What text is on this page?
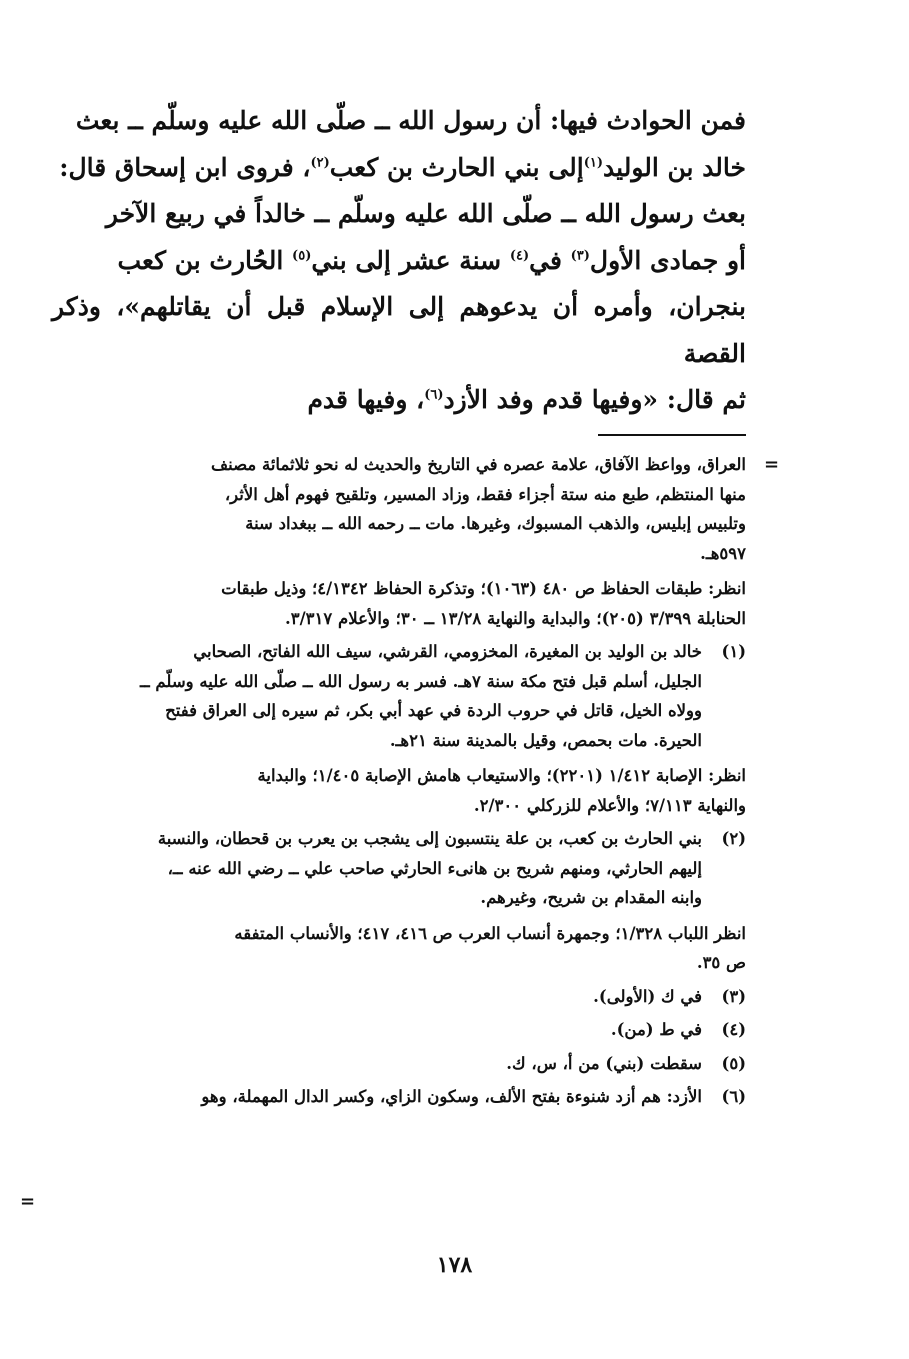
فمن الحوادث فيها: أن رسول الله ــ صلّى الله عليه وسلّم ــ بعث

خالد بن الوليد$^{(١)}$إلى بني الحارث بن كعب$^{(٢)}$، فروى ابن إسحاق قال:

بعث رسول الله ــ صلّى الله عليه وسلّم ــ خالداً في ربيع الآخر

أو جمادى الأول$^{(٣)}$ في$^{(٤)}$ سنة عشر إلى بني$^{(٥)}$ الحُارث بن كعب

بنجران، وأمره أن يدعوهم إلى الإسلام قبل أن يقاتلهم»، وذكر القصة

ثم قال: «وفيها قدم وفد الأزد$^{(٦)}$، وفيها قدم

=

العراق، وواعظ الآفاق، علامة عصره في التاريخ والحديث له نحو ثلاثمائة مصنف

منها المنتظم، طبع منه ستة أجزاء فقط، وزاد المسير، وتلقيح فهوم أهل الأثر،

وتلبيس إبليس، والذهب المسبوك، وغيرها. مات ــ رحمه الله ــ ببغداد سنة

٥٩٧هـ.

انظر: طبقات الحفاظ ص ٤٨٠ (١٠٦٣)؛ وتذكرة الحفاظ ٤/١٣٤٢؛ وذيل طبقات

الحنابلة ٣/٣٩٩ (٢٠٥)؛ والبداية والنهاية ١٣/٢٨ ــ ٣٠؛ والأعلام ٣/٣١٧.

(١)

خالد بن الوليد بن المغيرة، المخزومي، القرشي، سيف الله الفاتح، الصحابي

الجليل، أسلم قبل فتح مكة سنة ٧هـ. فسر به رسول الله ــ صلّى الله عليه وسلّم ــ

وولاه الخيل، قاتل في حروب الردة في عهد أبي بكر، ثم سيره إلى العراق ففتح

الحيرة. مات بحمص، وقيل بالمدينة سنة ٢١هـ.

انظر: الإصابة ١/٤١٢ (٢٢٠١)؛ والاستيعاب هامش الإصابة ١/٤٠٥؛ والبداية

والنهاية ٧/١١٣؛ والأعلام للزركلي ٢/٣٠٠.

(٢)

بني الحارث بن كعب، بن علة ينتسبون إلى يشجب بن يعرب بن قحطان، والنسبة

إليهم الحارثي، ومنهم شريح بن هانىء الحارثي صاحب علي ــ رضي الله عنه ــ،

وابنه المقدام بن شريح، وغيرهم.

انظر اللباب ١/٣٢٨؛ وجمهرة أنساب العرب ص ٤١٦، ٤١٧؛ والأنساب المتفقه

ص ٣٥.

(٣)

في ك (الأولى).

(٤)

في ط (من).

(٥)

سقطت (بني) من أ، س، ك.

(٦)

الأزد: هم أزد شنوءة بفتح الألف، وسكون الزاي، وكسر الدال المهملة، وهو

=
١٧٨
